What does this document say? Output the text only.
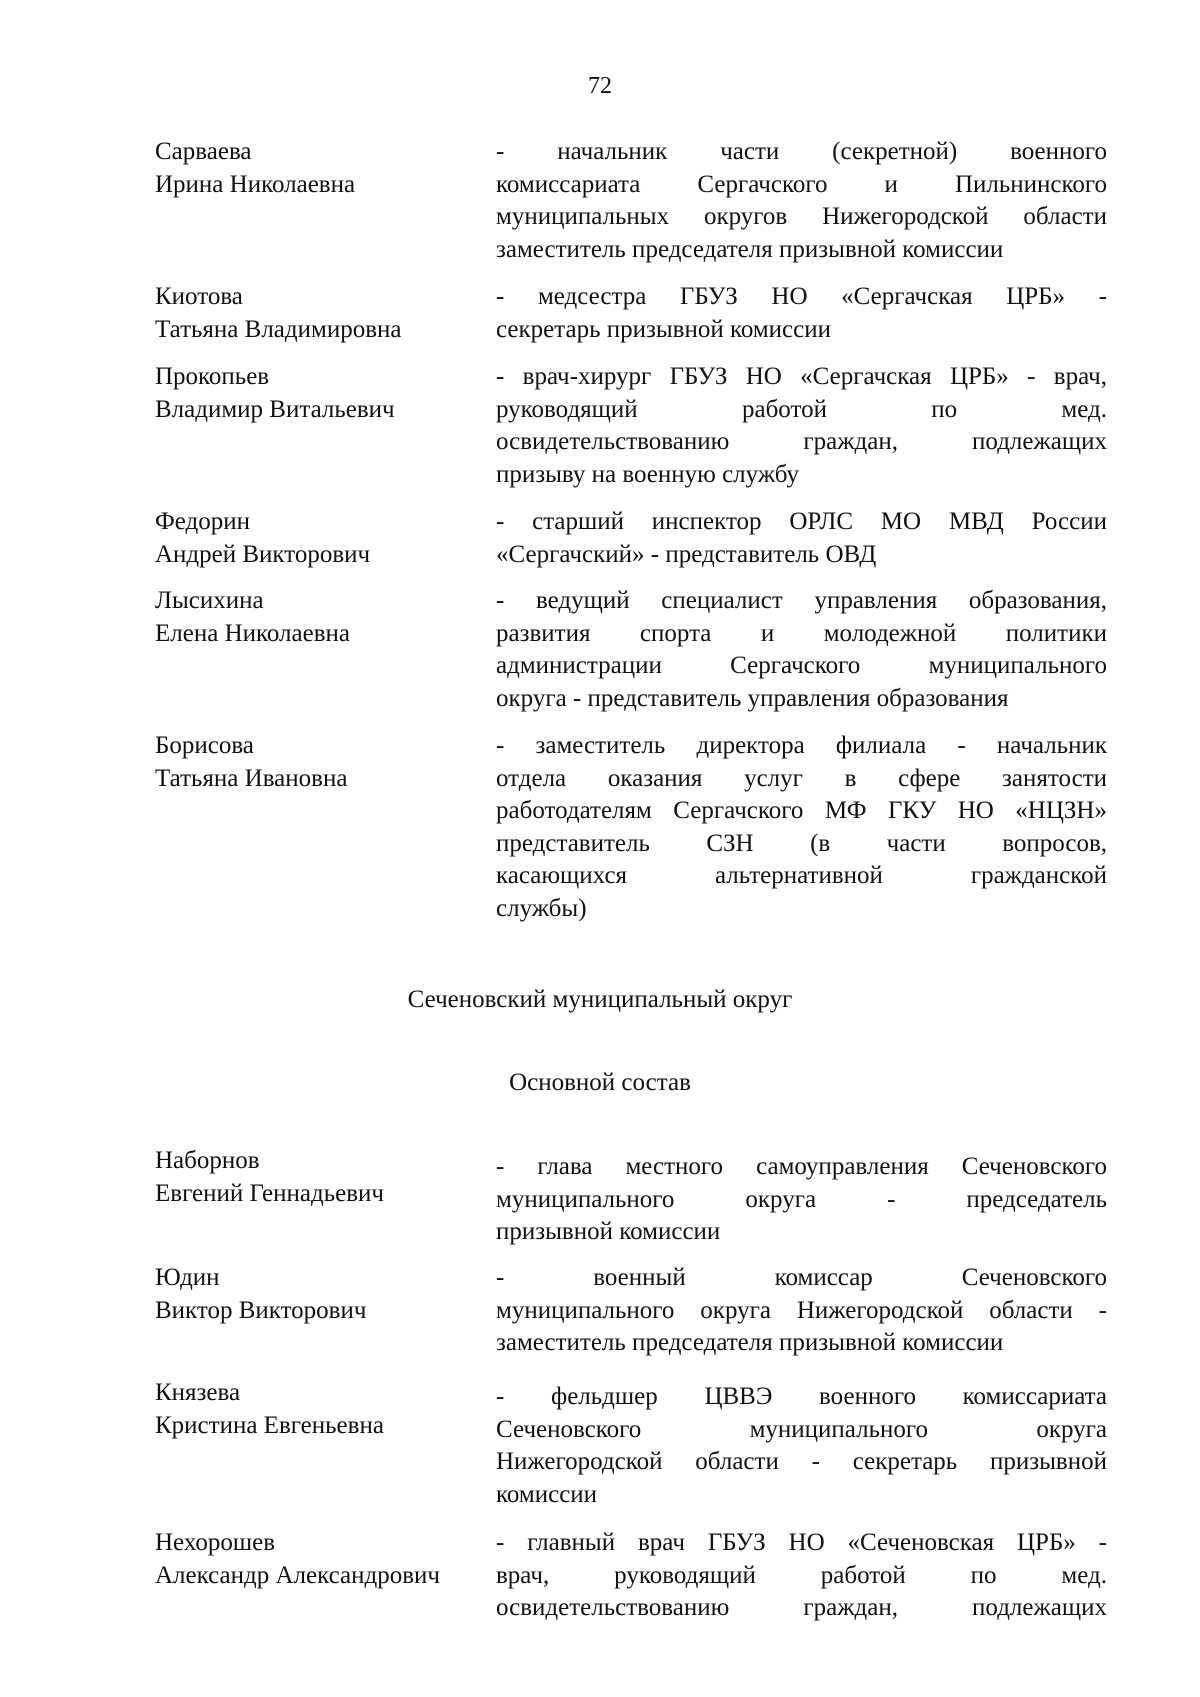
72
Сарваева
Ирина Николаевна
- начальник части (секретной) военного
комиссариата Сергачского и Пильнинского
муниципальных округов Нижегородской области
заместитель председателя призывной комиссии
Киотова
Татьяна Владимировна
- медсестра ГБУЗ НО «Сергачская ЦРБ» -
секретарь призывной комиссии
Прокопьев
Владимир Витальевич
- врач-хирург ГБУЗ НО «Сергачская ЦРБ» - врач,
руководящий работой по мед.
освидетельствованию граждан, подлежащих
призыву на военную службу
Федорин
Андрей Викторович
- старший инспектор ОРЛС МО МВД России
«Сергачский» - представитель ОВД
Лысихина
Елена Николаевна
- ведущий специалист управления образования,
развития спорта и молодежной политики
администрации Сергачского муниципального
округа - представитель управления образования
Борисова
Татьяна Ивановна
- заместитель директора филиала - начальник
отдела оказания услуг в сфере занятости
работодателям Сергачского МФ ГКУ НО «НЦЗН»
представитель СЗН (в части вопросов,
касающихся альтернативной гражданской
службы)
Сеченовский муниципальный округ
Основной состав
Наборнов
Евгений Геннадьевич
- глава местного самоуправления Сеченовского
муниципального округа - председатель
призывной комиссии
Юдин
Виктор Викторович
- военный комиссар Сеченовского
муниципального округа Нижегородской области -
заместитель председателя призывной комиссии
Князева
Кристина Евгеньевна
- фельдшер ЦВВЭ военного комиссариата
Сеченовского муниципального округа
Нижегородской области - секретарь призывной
комиссии
Нехорошев
Александр Александрович
- главный врач ГБУЗ НО «Сеченовская ЦРБ» -
врач, руководящий работой по мед.
освидетельствованию граждан, подлежащих
